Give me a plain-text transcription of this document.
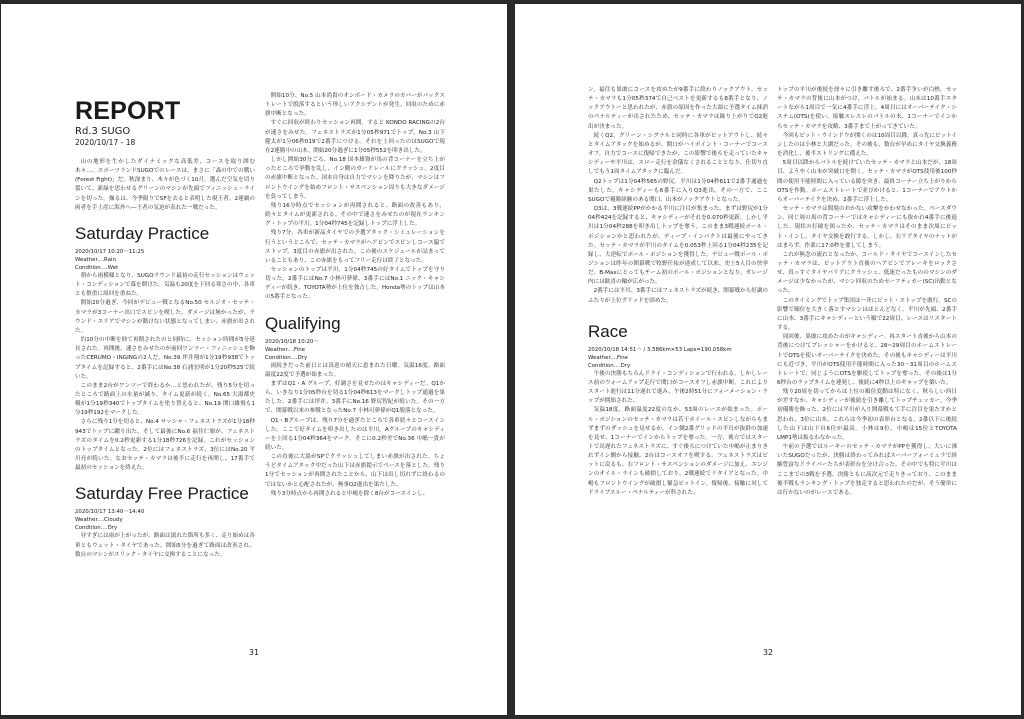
REPORT
Rd.3 SUGO
2020/10/17 - 18

山の地形を生かしたダイナミックな高低差、コースを取り囲む木々…、スポーツランドSUGOでのレースは、まさに「森の中での戦い(Forest Fight)」だ。秋深まり、木々が色づく10月。選んだ空気を切り裂いて、新緑を思わせるグリーンのマシンが先頭でフィニッシュ・ラインを切った。操るは、今季限りでSFを去ると表明した現王者。2連覇の両者を手土産に海外へ―王者の気迫が表れた一戦だった。

Saturday Practice
2020/10/17 10:20〜11:25
Weather....Rain
Condition....Wet

朝から雨模様となり、SUGOラウンド最初の走行セッションはウェット・コンディションで幕を開けた。気温も20度を下回る寒さの中、各車とも慎重に周回を重ねた。

開始20分過ぎ、今回がデビュー戦となるNo.50 セルジオ・セッテ・カマラが3コーナー出口でスピンを喫した。ダメージは無かったが、ラウンド・エリアでマシンが動けない状態となってしまい、赤旗が出された。

約10分の中断を経て再開されたのと同時に、セッション時間が5分延長された。再開後、速さをみせたのが前回ワンツー・フィニッシュを飾ったCERUMO・INGINGの2人だ。No.39 坪井翔が1分19秒938でトップタイムを記録すると、2番手にはNo.38 石浦宏明が1分20秒525で続いた。

このまま2台がワンツーで終わるか…と思われたが、残り5分を切ったところで路面上の水量が減り、タイム更新が続く。No.65 大湯都史樹が1分19秒340でトップタイムを塗り替えると、No.19 関口雄飛も1分19秒192をマークした。

さらに残り1分を切ると、No.4 サッシャ・フェネストラズが1分18秒943でトップに躍り出た。そして最後にNo.6 福住仁嶺が、フェネストラズのタイムを0.2秒更新する1分18秒726を記録。これがセッションのトップタイムとなった。2位にはフェネストラズ、3位にはNo.20 平川亮が続いた。なおセッテ・カマラは後半に走行を再開し、17番手で最初のセッションを終えた。

Saturday Free Practice
2020/10/17 13:40〜14:40
Weather....Cloudy
Condition....Dry

昼すぎには雨が上がったが、路面は濡れた箇所も多く、走り始めは各車ともウェット・タイヤであった。開始5分を過ぎて路面は改善され、数台のマシンがスリック・タイヤに交換することになった。

開始10分、No.5 山本尚貴のオンボード・カメラのカバーがバックストレートで脱落するという珍しいアクシデントが発生。回収のために赤旗中断となった。

すぐに回収が終わりセッション再開。すると KONDO RACINGの2台が速さをみせた。フェネストラズが1分05秒971でトップ、No.3 山下健太が1分06秒019で2番手につける。それを上回ったのはSUGOで現在2連勝中の山本。開始20分過ぎに1分05秒552を叩き出した。

しかし開始30分ごろ、No.18 国本雄資が馬の背コーナーを立ち上がったところで挙動を乱し、イン側のガードレールにクラッシュ。2度目の赤旗中断となった。国本自身は自力でマシンを降りたが、マシンはフロントウイングを始めフロント・サスペンション周りも大きなダメージを負ってしまう。

残り16分時点でセッションが再開されると、路面の改善もあり、続々とタイムが更新される。その中で速さをみせたのが現在ランキング・トップの平川。1分04秒745を記録しトップに浮上した。

残り7分、各車が新品タイヤでの予選アタック・シミュレーションを行うというところで、セッテ・カマラがヘアピンでスピンしコース脇でストップ。3度目の赤旗が出された。この後のスケジュールが詰まっていることもあり、この赤旗をもってフリー走行は終了となった。

セッションのトップは平川。1分04秒745の好タイムでトップを守り切った。2番手にはNo.7 小林可夢偉、3番手にはNo.1 ニック・キャシディーが続き、TOYOTA勢が上位を独占した。Honda勢のトップは山本の5番手となった。

Qualifying
2020/10/18 10:20〜
Weather....Fine
Condition....Dry

雨続きだった前日とは真逆の晴天に恵まれた日曜。気温16度、路面温度22度で予選が始まった。

まずはQ1・A グループ。好調さを見せたのはキャシディーだ。Q1から、いきなり1分05秒台を切る1分04秒613をマークしトップ通過を果たした。2番手には坪井、3番手にNo.16 野尻智紀が続いた。その一方で、開幕戦以来の参戦となったNo.7 小林可夢偉がQ1脱落となった。

Q1・Bグループは、残り7分を過ぎたところで各車続々とコースインした。ここで好タイムを叩き出したのは平川。Aグループのキャシディーを上回る1分04秒364をマーク。そこに0.2秒差でNo.36 中嶋一貴が続いた。

この直後に大湯がSPでクラッシュしてしまい赤旗が出された。ちょうどタイムアタック中だった山下は赤旗提示でペースを落とした。残り1分でセッションが再開されたことから、山下は出し切れずに終わるのではないかと心配されたが、無事Q2進出を果たした。

残り3分時点から再開されると中嶋を除く8台がコースインし、

31

ン。福住も果敢にコースを攻めたが9番手に終わりノックアウト。セッテ・カマラも1分05秒374で自己ベストを更新するも8番手となり、ノックアウトーと思われたが、赤旗の原因を作った大湯に予選タイム抹消のペナルティーが出されたため、セッテ・カマラは繰り上がりでQ2進出が決まった。

続くQ2。グリーン・シグナルと同時に各車がピットアウトし、続々とタイムアタックを始めるが、開口がハイポイント・コーナーでコースオフ。自力でコースに復帰できたが、この影響で後ろを走っていたキャシディーや平川は、スロー走行を余儀なくされることとなり、仕切り直しでもう1周タイムアタックに臨んだ。

Q2トップは1分04秒565の野尻。平川は1分04秒611で2番手通過を果たした。キャシディーも6番手に入りQ3進出。その一方で、ここSUGOで優勝経験のある関口、山本がノックアウトとなった。

Q3は、3戦連続PPがかかる平川に注目が集まった。まずは野尻が1分04秒424を記録すると、キャシディーがそれを0.070秒更新。しかし平川は1分04秒288を叩き出しトップを奪う。このまま3戦連続ポール・ポジションかと思われたが、ディープ・インパクトは最後にやってきた。セッテ・カマラが平川のタイムを0.053秒上回る1分04秒235を記録し、大逆転でポール・ポジションを獲得した。デビュー戦ポール・ポジションは昨年の開幕戦で牧野任祐が達成して以来、史上5人目の快挙だ。B-Maxにとってもチーム初のポール・ポジションとなり、ガレージ内には歓喜の輪が広がった。

2番手には平川、3番手にはフェネストラズが続き、開幕戦から好調のふたりが上位グリッドを固めた。

Race
2020/10/18 14:51〜 / 3.586km×53 Laps=190.058km
Weather....Fine
Condition....Dry

午後の決勝もちろんドライ・コンディションで行われる。しかしレース前のウォームアップ走行で関口がコースオフし赤旗中断。これによりスタート進行は11分遅れで進み、午後2時51分にフォーメーション・ラップが開始された。

気温18度、路面温度22度のなか、53周のレースが始まった。ポール・ポジションのセッテ・カマラは若干ホイール・スピンしながらもまずまずのダッシュを見せるが、イン側2番グリッドの平川が抜群の加速を見せ、1コーナーでインからトップを奪った。一方、後方ではスタートで出遅れたフェネストラズに、すぐ後ろにつけていた中嶋が止まりきれずイン側から接触。2台はコースオフを喫する。フェネストラズはピットに戻るも、右フロント・サスペンションのダメージに加え、エンジンのオイル・ラインも破損しており、2戦連続でリタイアとなった。中嶋もフロントウイングが破損し緊急ピットイン。復帰後、接触に対してドライブスルー・ペナルティーが科された。

トップの平川が後続を徐々に引き離す後ろで、2番手争いが白熱。セッテ・カマラの背後に山本がつけ、バトルが始まる。山本は10番手スタートながら1周目で一気に4番手に浮上。4周目にはオーバーテイク・システム(OTS)を使い、接触スレスレのバトルの末、1コーナーでインからセッテ・カマラを攻略、3番手まで上がってきていた。

今回もピット・ウインドウが開くのは10周目以降。真っ先にピットインしたのは小林と大湖だった。その後も、数台が早めにタイヤ交換義務を消化し、後半ストリングに備えた。

5周目以降からバトルを続けていたセッテ・カマラと山本だが、18周目、ようやく山本が突破口を開く。セッテ・カマラがOTS使用後100秒間の使用不能時間に入っている隙を突き、最終コーナー立ち上がりからOTSを作動。ホームストレートで並びかけると、1コーナーでアウトからオーバーテイクを決め、2番手に浮上した。

セッテ・カマラは間髪のおかない攻撃をかわせなかった。ペースダウン。同じ周の馬の背コーナーではキャシディーにも抜かれ4番手に後退した。現状の打破を図ったか、セッテ・カマラはそのまま次周にピット・インし、タイヤ交換を敢行する。しかし、右リアタイヤのナットがはまらず、作業に17.0秒を要してしまう。

これが無念の流れとなったか、コールド・タイヤでコースインしたセッテ・カマラは、ピットアウト直後のヘアピンでブレーキをロックさせ、真っすぐタイヤバリアにクラッシュ。低迷だったもののマシンのダメージは少なかったが、マシン回収のためセーフティカー(SC)出動となった。

このタイミングでトップ集団は一斉にピット・ストップを敢行。SCの影響で順位を大きく落とすマシンはほとんどなく、平川が先頭、2番手に山本、3番手にキャシディーという順で22周目、レースはリスタートする。

周回後、果敢に攻めたのがキャシディー。再スタート直後から山本の背後につけてプレッシャーをかけると、28~29周目のホームストレートでOTSを使いオーバーテイクを決めた。その後もキャシディーは平川にも近づき、平川がOTS使用不能時間に入った30〜31周目のホームストレートで、同じようにOTSを駆使してトップを奪った。その後は1分6秒台のラップタイムを連発し、後続に4秒以上のギャップを築いた。

残り20周を切ってからは上位の順位変動は特になく、秋らしい西日が差すなか、キャシディーが後続を引き離してトップチェッカー。今季初優勝を飾った。2位には平川が入り開幕戦もて手に注目を果たすかと思われ、3位に山本。これらは今季初の表彰台となる。2番以下に後続した山下は山下自6位が最高。小林は9位、中嶋は15位とTOYOTA LMP1勢は振るわなかった。

午前の予選ではルーキーのセッテ・カマラがPPを獲得し、大いに沸いたSUGOだったが、決勝は終わってみればスーパーフォーミュラで経験豊富なドライバーたちが表彰台を分け合った。その中でも特に平川はここまでの3戦を予選、決勝ともに高次元で走りきっており、このまま後半戦もランキング・トップを独走すると思われたのだが、そう簡単には行かないのがレースである。

32
